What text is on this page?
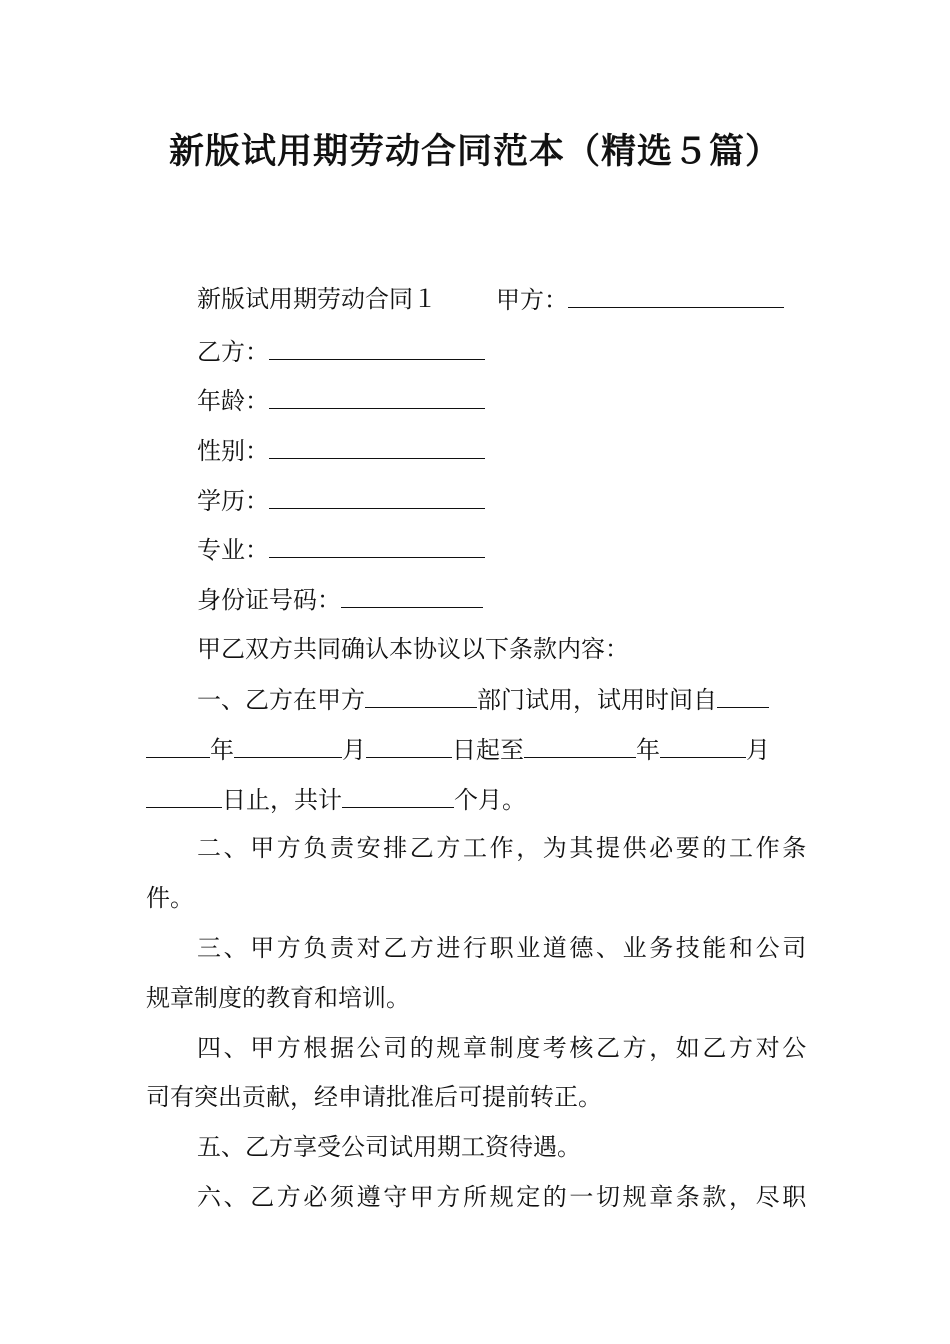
新版试用期劳动合同范本（精选５篇）
新版试用期劳动合同１ 甲方：
乙方：
年龄：
性别：
学历：
专业：
身份证号码：
甲乙双方共同确认本协议以下条款内容：
一、乙方在甲方	部门试用，试用时间自
年	月	日起至	年	月
日止，共计	个月。
二、甲方负责安排乙方工作，为其提供必要的工作条
件。
三、甲方负责对乙方进行职业道德、业务技能和公司
规章制度的教育和培训。
四、甲方根据公司的规章制度考核乙方，如乙方对公
司有突出贡献，经申请批准后可提前转正。
五、乙方享受公司试用期工资待遇。
六、乙方必须遵守甲方所规定的一切规章条款，尽职
